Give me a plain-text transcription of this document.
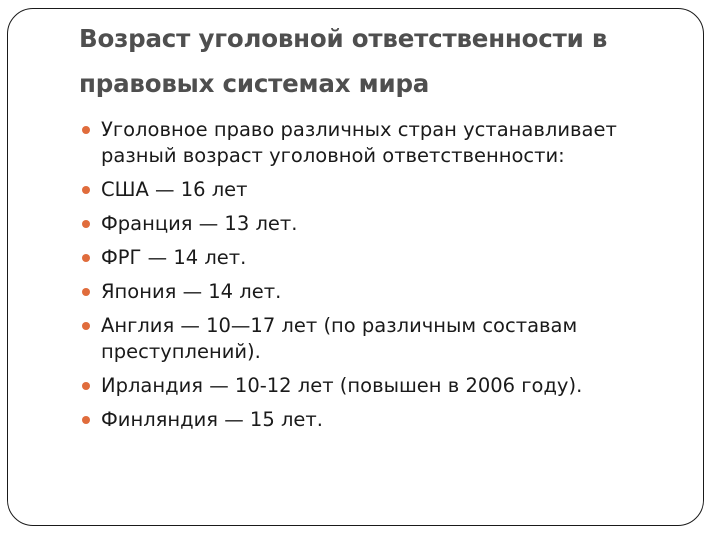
Возраст уголовной ответственности в правовых системах мира
Уголовное право различных стран устанавливает разный возраст уголовной ответственности:
США — 16 лет
Франция — 13 лет.
ФРГ — 14 лет.
Япония — 14 лет.
Англия — 10—17 лет (по различным составам преступлений).
Ирландия — 10-12 лет (повышен в 2006 году).
Финляндия — 15 лет.
